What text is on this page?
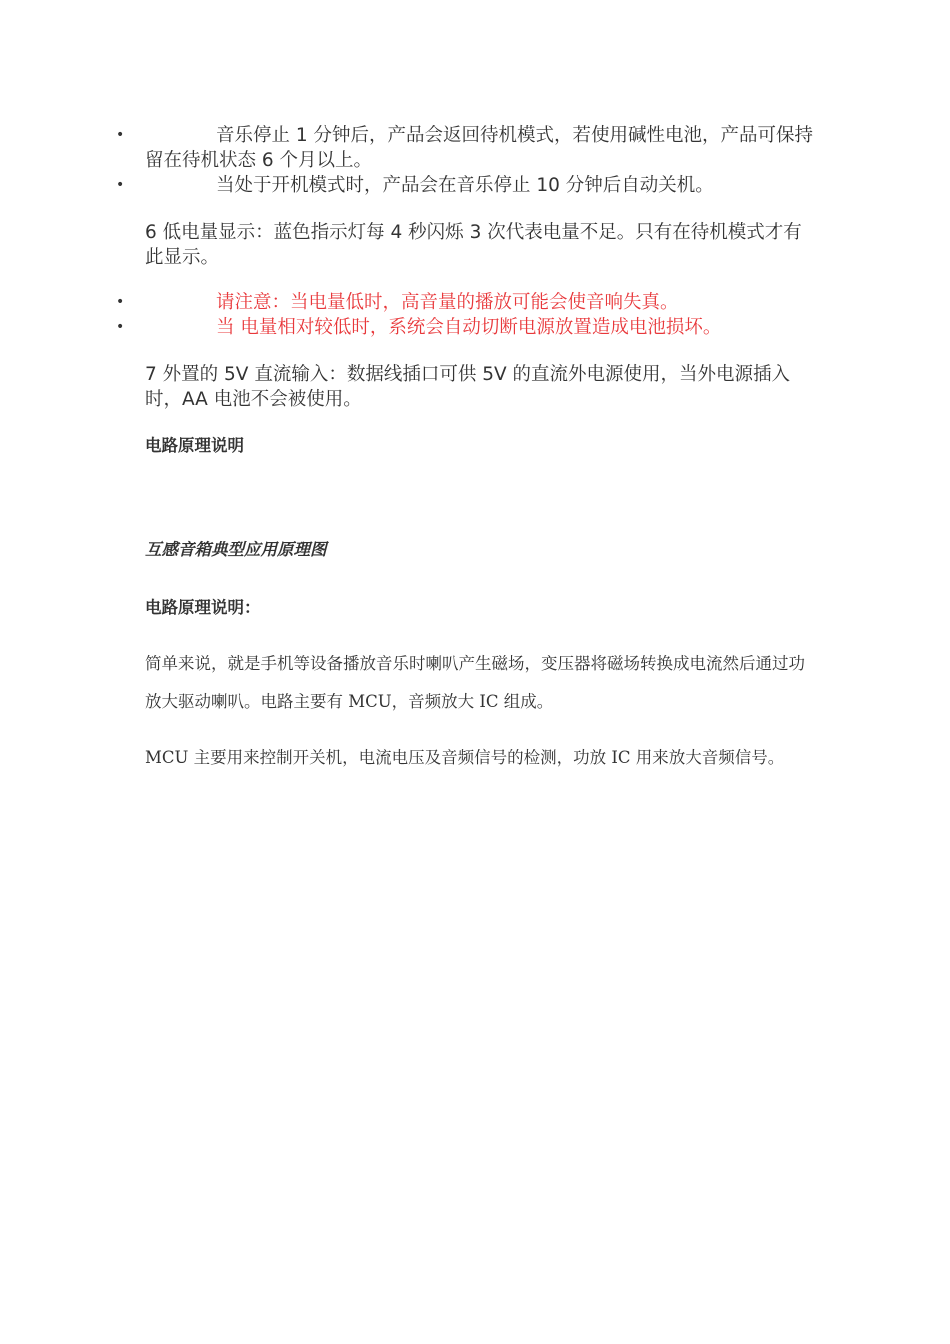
•	音乐停止 1 分钟后，产品会返回待机模式，若使用碱性电池，产品可保持留在待机状态 6 个月以上。
•	当处于开机模式时，产品会在音乐停止 10 分钟后自动关机。

6 低电量显示：蓝色指示灯每 4 秒闪烁 3 次代表电量不足。只有在待机模式才有此显示。

•	请注意：当电量低时，高音量的播放可能会使音响失真。
•	当 电量相对较低时，系统会自动切断电源放置造成电池损坏。

7 外置的 5V 直流输入：数据线插口可供 5V 的直流外电源使用，当外电源插入时，AA 电池不会被使用。

电路原理说明

互感音箱典型应用原理图

电路原理说明：

简单来说，就是手机等设备播放音乐时喇叭产生磁场，变压器将磁场转换成电流然后通过功放大驱动喇叭。电路主要有 MCU，音频放大 IC 组成。

MCU 主要用来控制开关机，电流电压及音频信号的检测，功放 IC 用来放大音频信号。
